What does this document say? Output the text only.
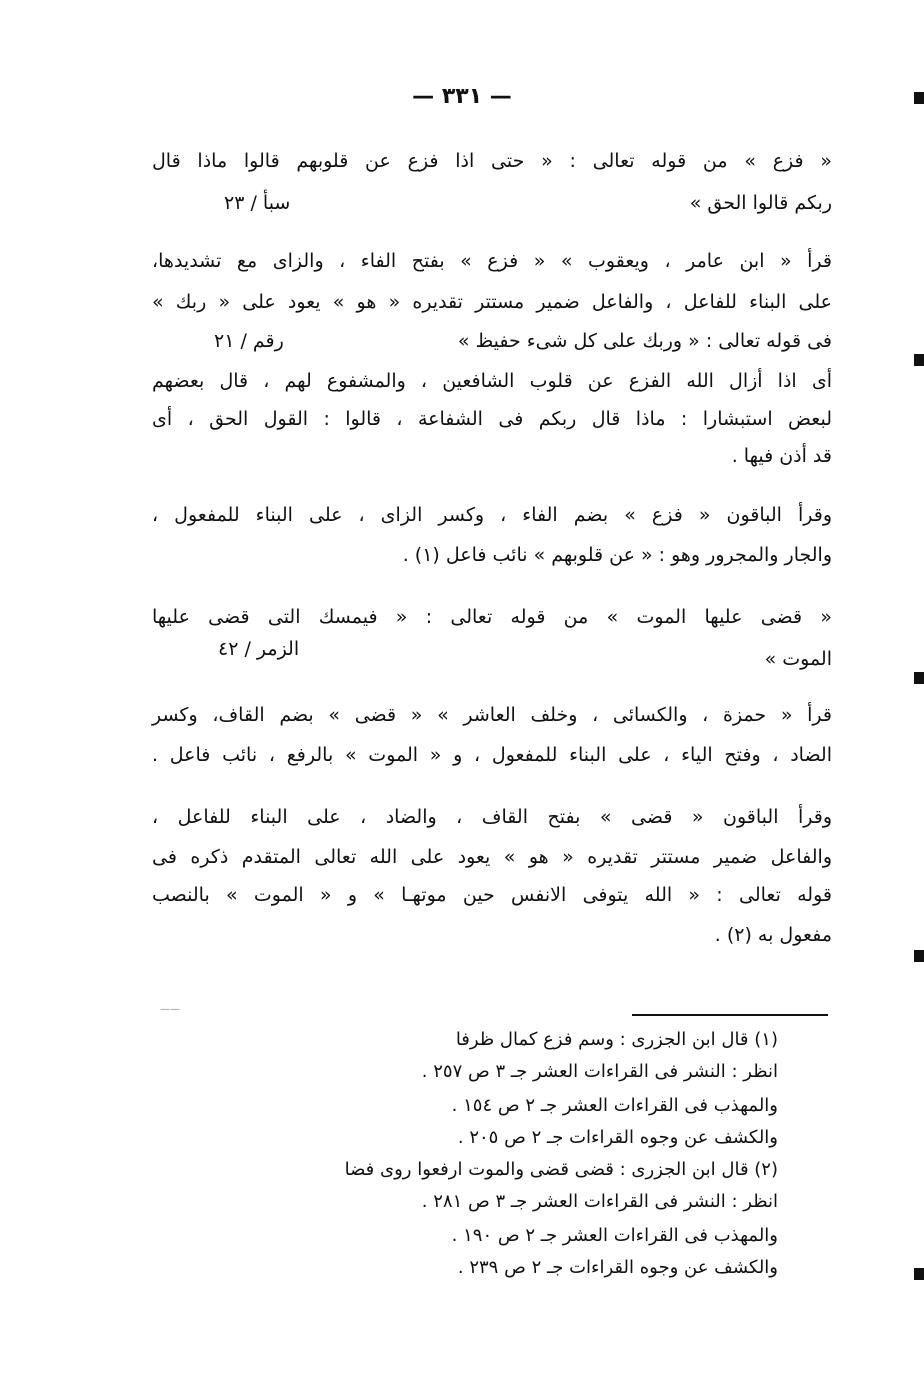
— ٣٣١ —
« فزع » من قوله تعالى : « حتى اذا فزع عن قلوبهم قالوا ماذا قال
ربكم قالوا الحق »
سبأ / ٢٣
قرأ « ابن عامر ، ويعقوب » « فزع » بفتح الفاء ، والزاى مع تشديدها،
على البناء للفاعل ، والفاعل ضمير مستتر تقديره « هو » يعود على « ربك »
فى قوله تعالى : « وربك على كل شىء حفيظ »
رقم / ٢١
أى اذا أزال الله الفزع عن قلوب الشافعين ، والمشفوع لهم ، قال بعضهم
لبعض استبشارا : ماذا قال ربكم فى الشفاعة ، قالوا : القول الحق ، أى
قد أذن فيها .
وقرأ الباقون « فزع » بضم الفاء ، وكسر الزاى ، على البناء للمفعول ،
والجار والمجرور وهو : « عن قلوبهم » نائب فاعل (١) .
« قضى عليها الموت » من قوله تعالى : « فيمسك التى قضى عليها
الموت »
الزمر / ٤٢
قرأ « حمزة ، والكسائى ، وخلف العاشر » « قضى » بضم القاف، وكسر
الضاد ، وفتح الياء ، على البناء للمفعول ، و « الموت » بالرفع ، نائب فاعل .
وقرأ الباقون « قضى » بفتح القاف ، والضاد ، على البناء للفاعل ،
والفاعل ضمير مستتر تقديره « هو » يعود على الله تعالى المتقدم ذكره فى
قوله تعالى : « الله يتوفى الانفس حين موتهـا » و « الموت » بالنصب
مفعول به (٢) .
——
(١) قال ابن الجزرى : وسم فزع كمال ظرفا
انظر : النشر فى القراءات العشر جـ ٣ ص ٢٥٧ .
والمهذب فى القراءات العشر جـ ٢ ص ١٥٤ .
والكشف عن وجوه القراءات جـ ٢ ص ٢٠٥ .
(٢) قال ابن الجزرى : قضى قضى والموت ارفعوا روى فضا
انظر : النشر فى القراءات العشر جـ ٣ ص ٢٨١ .
والمهذب فى القراءات العشر جـ ٢ ص ١٩٠ .
والكشف عن وجوه القراءات جـ ٢ ص ٢٣٩ .
